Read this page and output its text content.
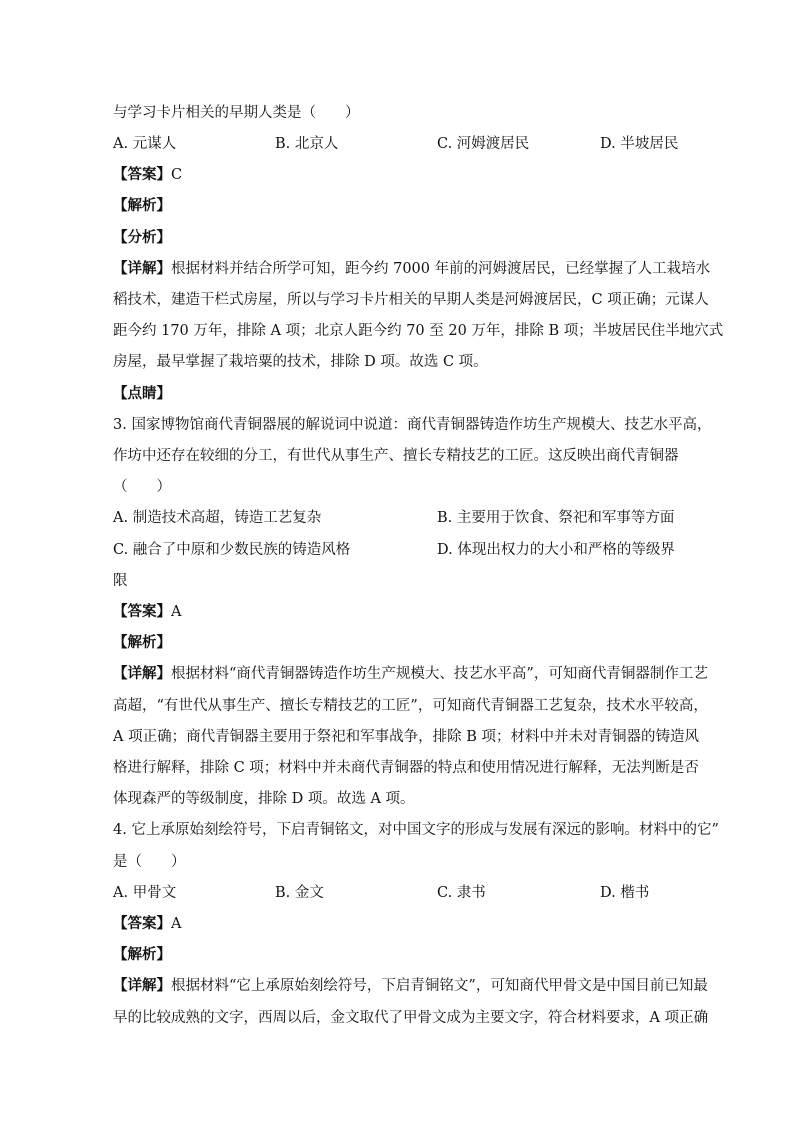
与学习卡片相关的早期人类是（　　）
A. 元谋人	B. 北京人	C. 河姆渡居民	D. 半坡居民
【答案】C
【解析】
【分析】
【详解】根据材料并结合所学可知，距今约 7000 年前的河姆渡居民，已经掌握了人工栽培水
稻技术，建造干栏式房屋，所以与学习卡片相关的早期人类是河姆渡居民，C 项正确；元谋人
距今约 170 万年，排除 A 项；北京人距今约 70 至 20 万年，排除 B 项；半坡居民住半地穴式
房屋，最早掌握了栽培粟的技术，排除 D 项。故选 C 项。
【点睛】
3. 国家博物馆商代青铜器展的解说词中说道：商代青铜器铸造作坊生产规模大、技艺水平高，
作坊中还存在较细的分工，有世代从事生产、擅长专精技艺的工匠。这反映出商代青铜器
（　　）
A. 制造技术高超，铸造工艺复杂	B. 主要用于饮食、祭祀和军事等方面
C. 融合了中原和少数民族的铸造风格	D. 体现出权力的大小和严格的等级界
限
【答案】A
【解析】
【详解】根据材料“商代青铜器铸造作坊生产规模大、技艺水平高”，可知商代青铜器制作工艺
高超，“有世代从事生产、擅长专精技艺的工匠”，可知商代青铜器工艺复杂，技术水平较高，
A 项正确；商代青铜器主要用于祭祀和军事战争，排除 B 项；材料中并未对青铜器的铸造风
格进行解释，排除 C 项；材料中并未商代青铜器的特点和使用情况进行解释，无法判断是否
体现森严的等级制度，排除 D 项。故选 A 项。
4. 它上承原始刻绘符号，下启青铜铭文，对中国文字的形成与发展有深远的影响。材料中的它”
是（　　）
A. 甲骨文	B. 金文	C. 隶书	D. 楷书
【答案】A
【解析】
【详解】根据材料“它上承原始刻绘符号，下启青铜铭文”，可知商代甲骨文是中国目前已知最
早的比较成熟的文字，西周以后，金文取代了甲骨文成为主要文字，符合材料要求，A 项正确
